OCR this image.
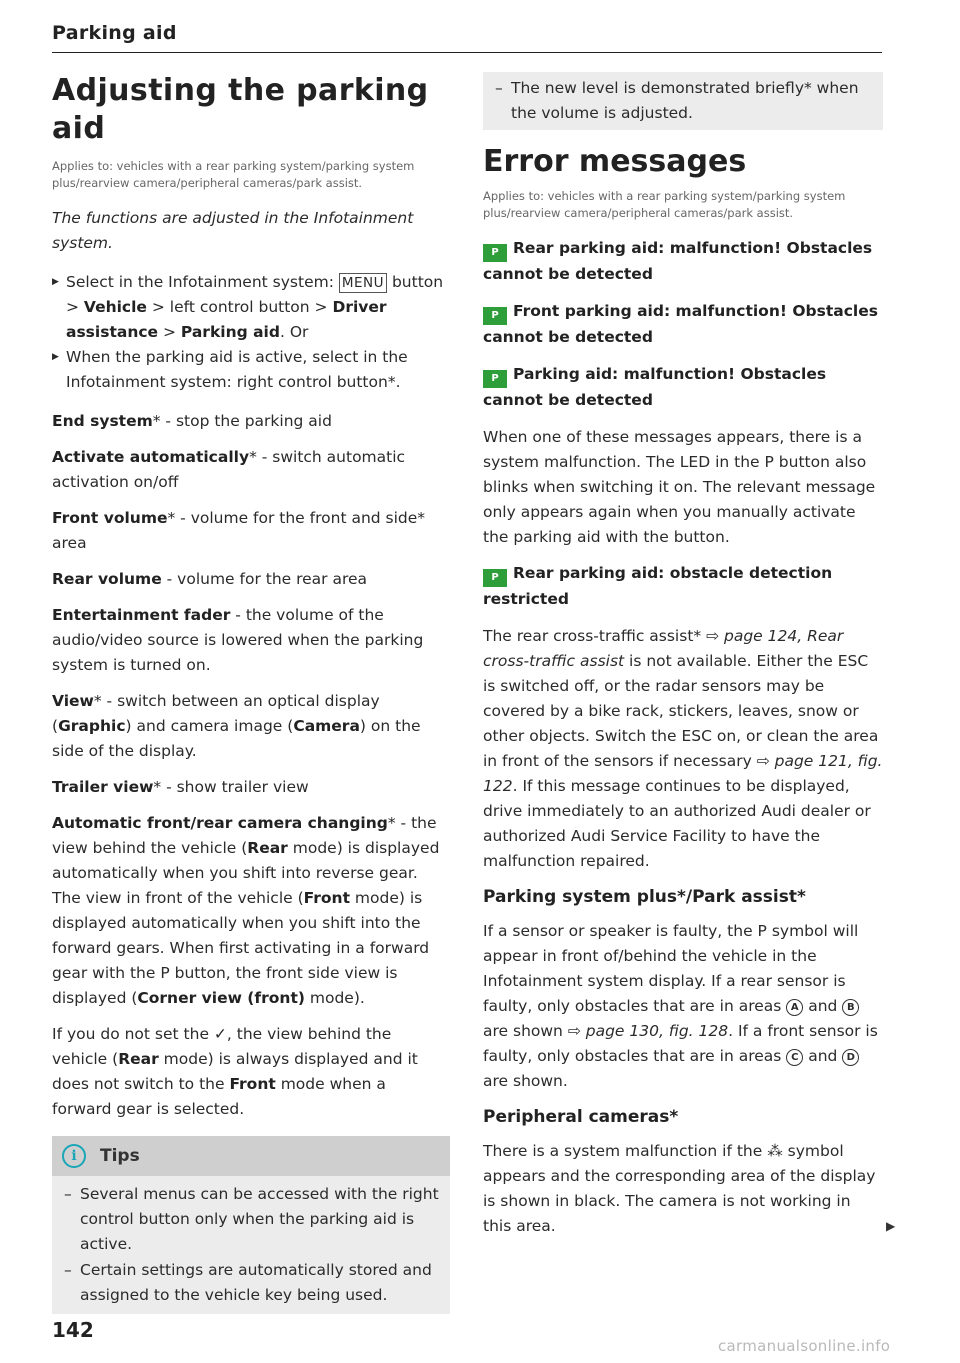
Parking aid
Adjusting the parking aid
Applies to: vehicles with a rear parking system/parking system plus/rearview camera/peripheral cameras/park assist.

The functions are adjusted in the Infotainment system.

▶ Select in the Infotainment system: MENU button > Vehicle > left control button > Driver assistance > Parking aid. Or

▶ When the parking aid is active, select in the Infotainment system: right control button*.

End system* - stop the parking aid

Activate automatically* - switch automatic activation on/off

Front volume* - volume for the front and side* area

Rear volume - volume for the rear area

Entertainment fader - the volume of the audio/video source is lowered when the parking system is turned on.

View* - switch between an optical display (Graphic) and camera image (Camera) on the side of the display.

Trailer view* - show trailer view

Automatic front/rear camera changing* - the view behind the vehicle (Rear mode) is displayed automatically when you shift into reverse gear. The view in front of the vehicle (Front mode) is displayed automatically when you shift into the forward gears. When first activating in a forward gear with the P button, the front side view is displayed (Corner view (front) mode).

If you do not set the ✓, the view behind the vehicle (Rear mode) is always displayed and it does not switch to the Front mode when a forward gear is selected.

i	Tips

– Several menus can be accessed with the right control button only when the parking aid is active.

– Certain settings are automatically stored and assigned to the vehicle key being used.

– The new level is demonstrated briefly* when the volume is adjusted.

Error messages
Applies to: vehicles with a rear parking system/parking system plus/rearview camera/peripheral cameras/park assist.

P Rear parking aid: malfunction! Obstacles cannot be detected

P Front parking aid: malfunction! Obstacles cannot be detected

P Parking aid: malfunction! Obstacles cannot be detected

When one of these messages appears, there is a system malfunction. The LED in the P button also blinks when switching it on. The relevant message only appears again when you manually activate the parking aid with the button.

P Rear parking aid: obstacle detection restricted

The rear cross-traffic assist* ⇨ page 124, Rear cross-traffic assist is not available. Either the ESC is switched off, or the radar sensors may be covered by a bike rack, stickers, leaves, snow or other objects. Switch the ESC on, or clean the area in front of the sensors if necessary ⇨ page 121, fig. 122. If this message continues to be displayed, drive immediately to an authorized Audi dealer or authorized Audi Service Facility to have the malfunction repaired.

Parking system plus*/Park assist*

If a sensor or speaker is faulty, the P symbol will appear in front of/behind the vehicle in the Infotainment system display. If a rear sensor is faulty, only obstacles that are in areas A and B are shown ⇨ page 130, fig. 128. If a front sensor is faulty, only obstacles that are in areas C and D are shown.

Peripheral cameras*

There is a system malfunction if the ⁂ symbol appears and the corresponding area of the display is shown in black. The camera is not working in this area.	▶
142
carmanualsonline.info
